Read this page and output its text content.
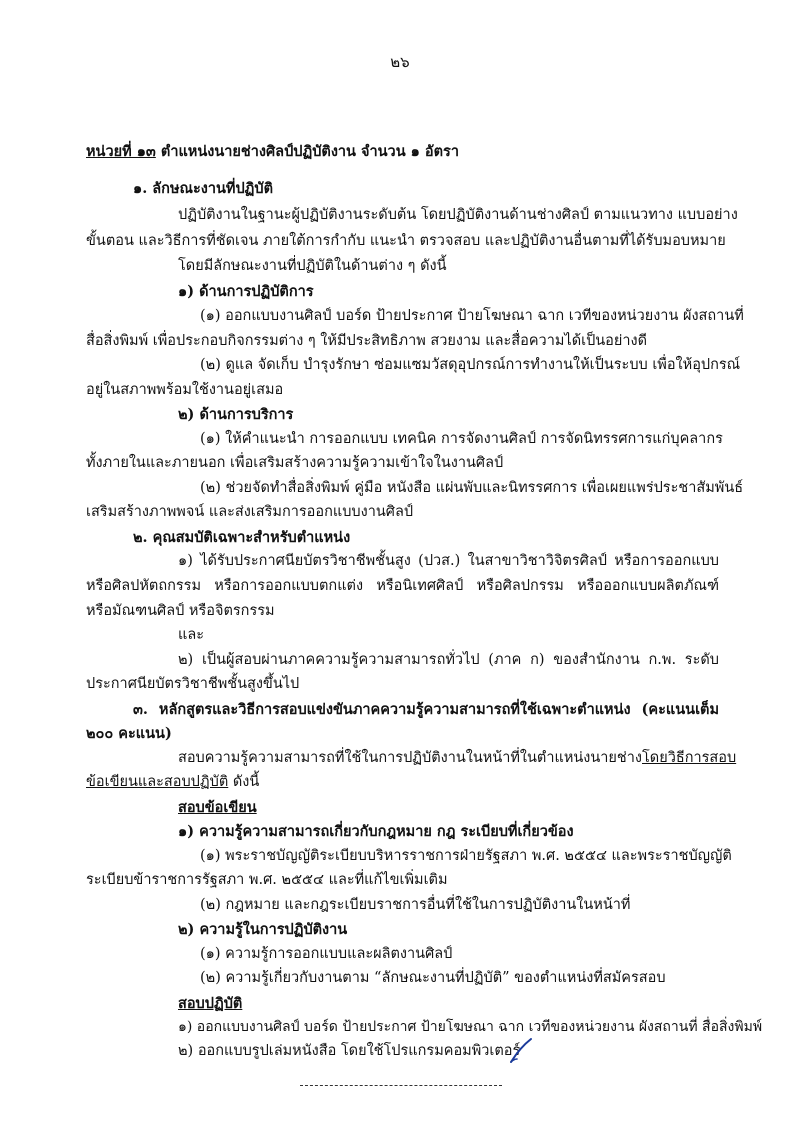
๒๖
หน่วยที่ ๑๓ ตำแหน่งนายช่างศิลป์ปฏิบัติงาน จำนวน ๑ อัตรา
๑. ลักษณะงานที่ปฏิบัติ
ปฏิบัติงานในฐานะผู้ปฏิบัติงานระดับต้น โดยปฏิบัติงานด้านช่างศิลป์ ตามแนวทาง แบบอย่าง
ขั้นตอน และวิธีการที่ชัดเจน ภายใต้การกำกับ แนะนำ ตรวจสอบ และปฏิบัติงานอื่นตามที่ได้รับมอบหมาย
โดยมีลักษณะงานที่ปฏิบัติในด้านต่าง ๆ ดังนี้
๑) ด้านการปฏิบัติการ
(๑) ออกแบบงานศิลป์ บอร์ด ป้ายประกาศ ป้ายโฆษณา ฉาก เวทีของหน่วยงาน ผังสถานที่
สื่อสิ่งพิมพ์ เพื่อประกอบกิจกรรมต่าง ๆ ให้มีประสิทธิภาพ สวยงาม และสื่อความได้เป็นอย่างดี
(๒) ดูแล จัดเก็บ บำรุงรักษา ซ่อมแซมวัสดุอุปกรณ์การทำงานให้เป็นระบบ เพื่อให้อุปกรณ์
อยู่ในสภาพพร้อมใช้งานอยู่เสมอ
๒) ด้านการบริการ
(๑) ให้คำแนะนำ การออกแบบ เทคนิค การจัดงานศิลป์ การจัดนิทรรศการแก่บุคลากร
ทั้งภายในและภายนอก เพื่อเสริมสร้างความรู้ความเข้าใจในงานศิลป์
(๒) ช่วยจัดทำสื่อสิ่งพิมพ์ คู่มือ หนังสือ แผ่นพับและนิทรรศการ เพื่อเผยแพร่ประชาสัมพันธ์
เสริมสร้างภาพพจน์ และส่งเสริมการออกแบบงานศิลป์
๒. คุณสมบัติเฉพาะสำหรับตำแหน่ง
๑) ได้รับประกาศนียบัตรวิชาชีพชั้นสูง (ปวส.) ในสาขาวิชาวิจิตรศิลป์ หรือการออกแบบ
หรือศิลปหัตถกรรม หรือการออกแบบตกแต่ง หรือนิเทศศิลป์ หรือศิลปกรรม หรือออกแบบผลิตภัณฑ์
หรือมัณฑนศิลป์ หรือจิตรกรรม
และ
๒) เป็นผู้สอบผ่านภาคความรู้ความสามารถทั่วไป (ภาค ก) ของสำนักงาน ก.พ. ระดับ
ประกาศนียบัตรวิชาชีพชั้นสูงขึ้นไป
๓. หลักสูตรและวิธีการสอบแข่งขันภาคความรู้ความสามารถที่ใช้เฉพาะตำแหน่ง (คะแนนเต็ม
๒๐๐ คะแนน)
สอบความรู้ความสามารถที่ใช้ในการปฏิบัติงานในหน้าที่ในตำแหน่งนายช่าง โดยวิธีการสอบ
ข้อเขียนและสอบปฏิบัติ ดังนี้
สอบข้อเขียน
๑) ความรู้ความสามารถเกี่ยวกับกฎหมาย กฎ ระเบียบที่เกี่ยวข้อง
(๑) พระราชบัญญัติระเบียบบริหารราชการฝ่ายรัฐสภา พ.ศ. ๒๕๕๔ และพระราชบัญญัติ
ระเบียบข้าราชการรัฐสภา พ.ศ. ๒๕๕๔ และที่แก้ไขเพิ่มเติม
(๒) กฎหมาย และกฎระเบียบราชการอื่นที่ใช้ในการปฏิบัติงานในหน้าที่
๒) ความรู้ในการปฏิบัติงาน
(๑) ความรู้การออกแบบและผลิตงานศิลป์
(๒) ความรู้เกี่ยวกับงานตาม “ลักษณะงานที่ปฏิบัติ” ของตำแหน่งที่สมัครสอบ
สอบปฏิบัติ
๑) ออกแบบงานศิลป์ บอร์ด ป้ายประกาศ ป้ายโฆษณา ฉาก เวทีของหน่วยงาน ผังสถานที่ สื่อสิ่งพิมพ์
๒) ออกแบบรูปเล่มหนังสือ โดยใช้โปรแกรมคอมพิวเตอร์
